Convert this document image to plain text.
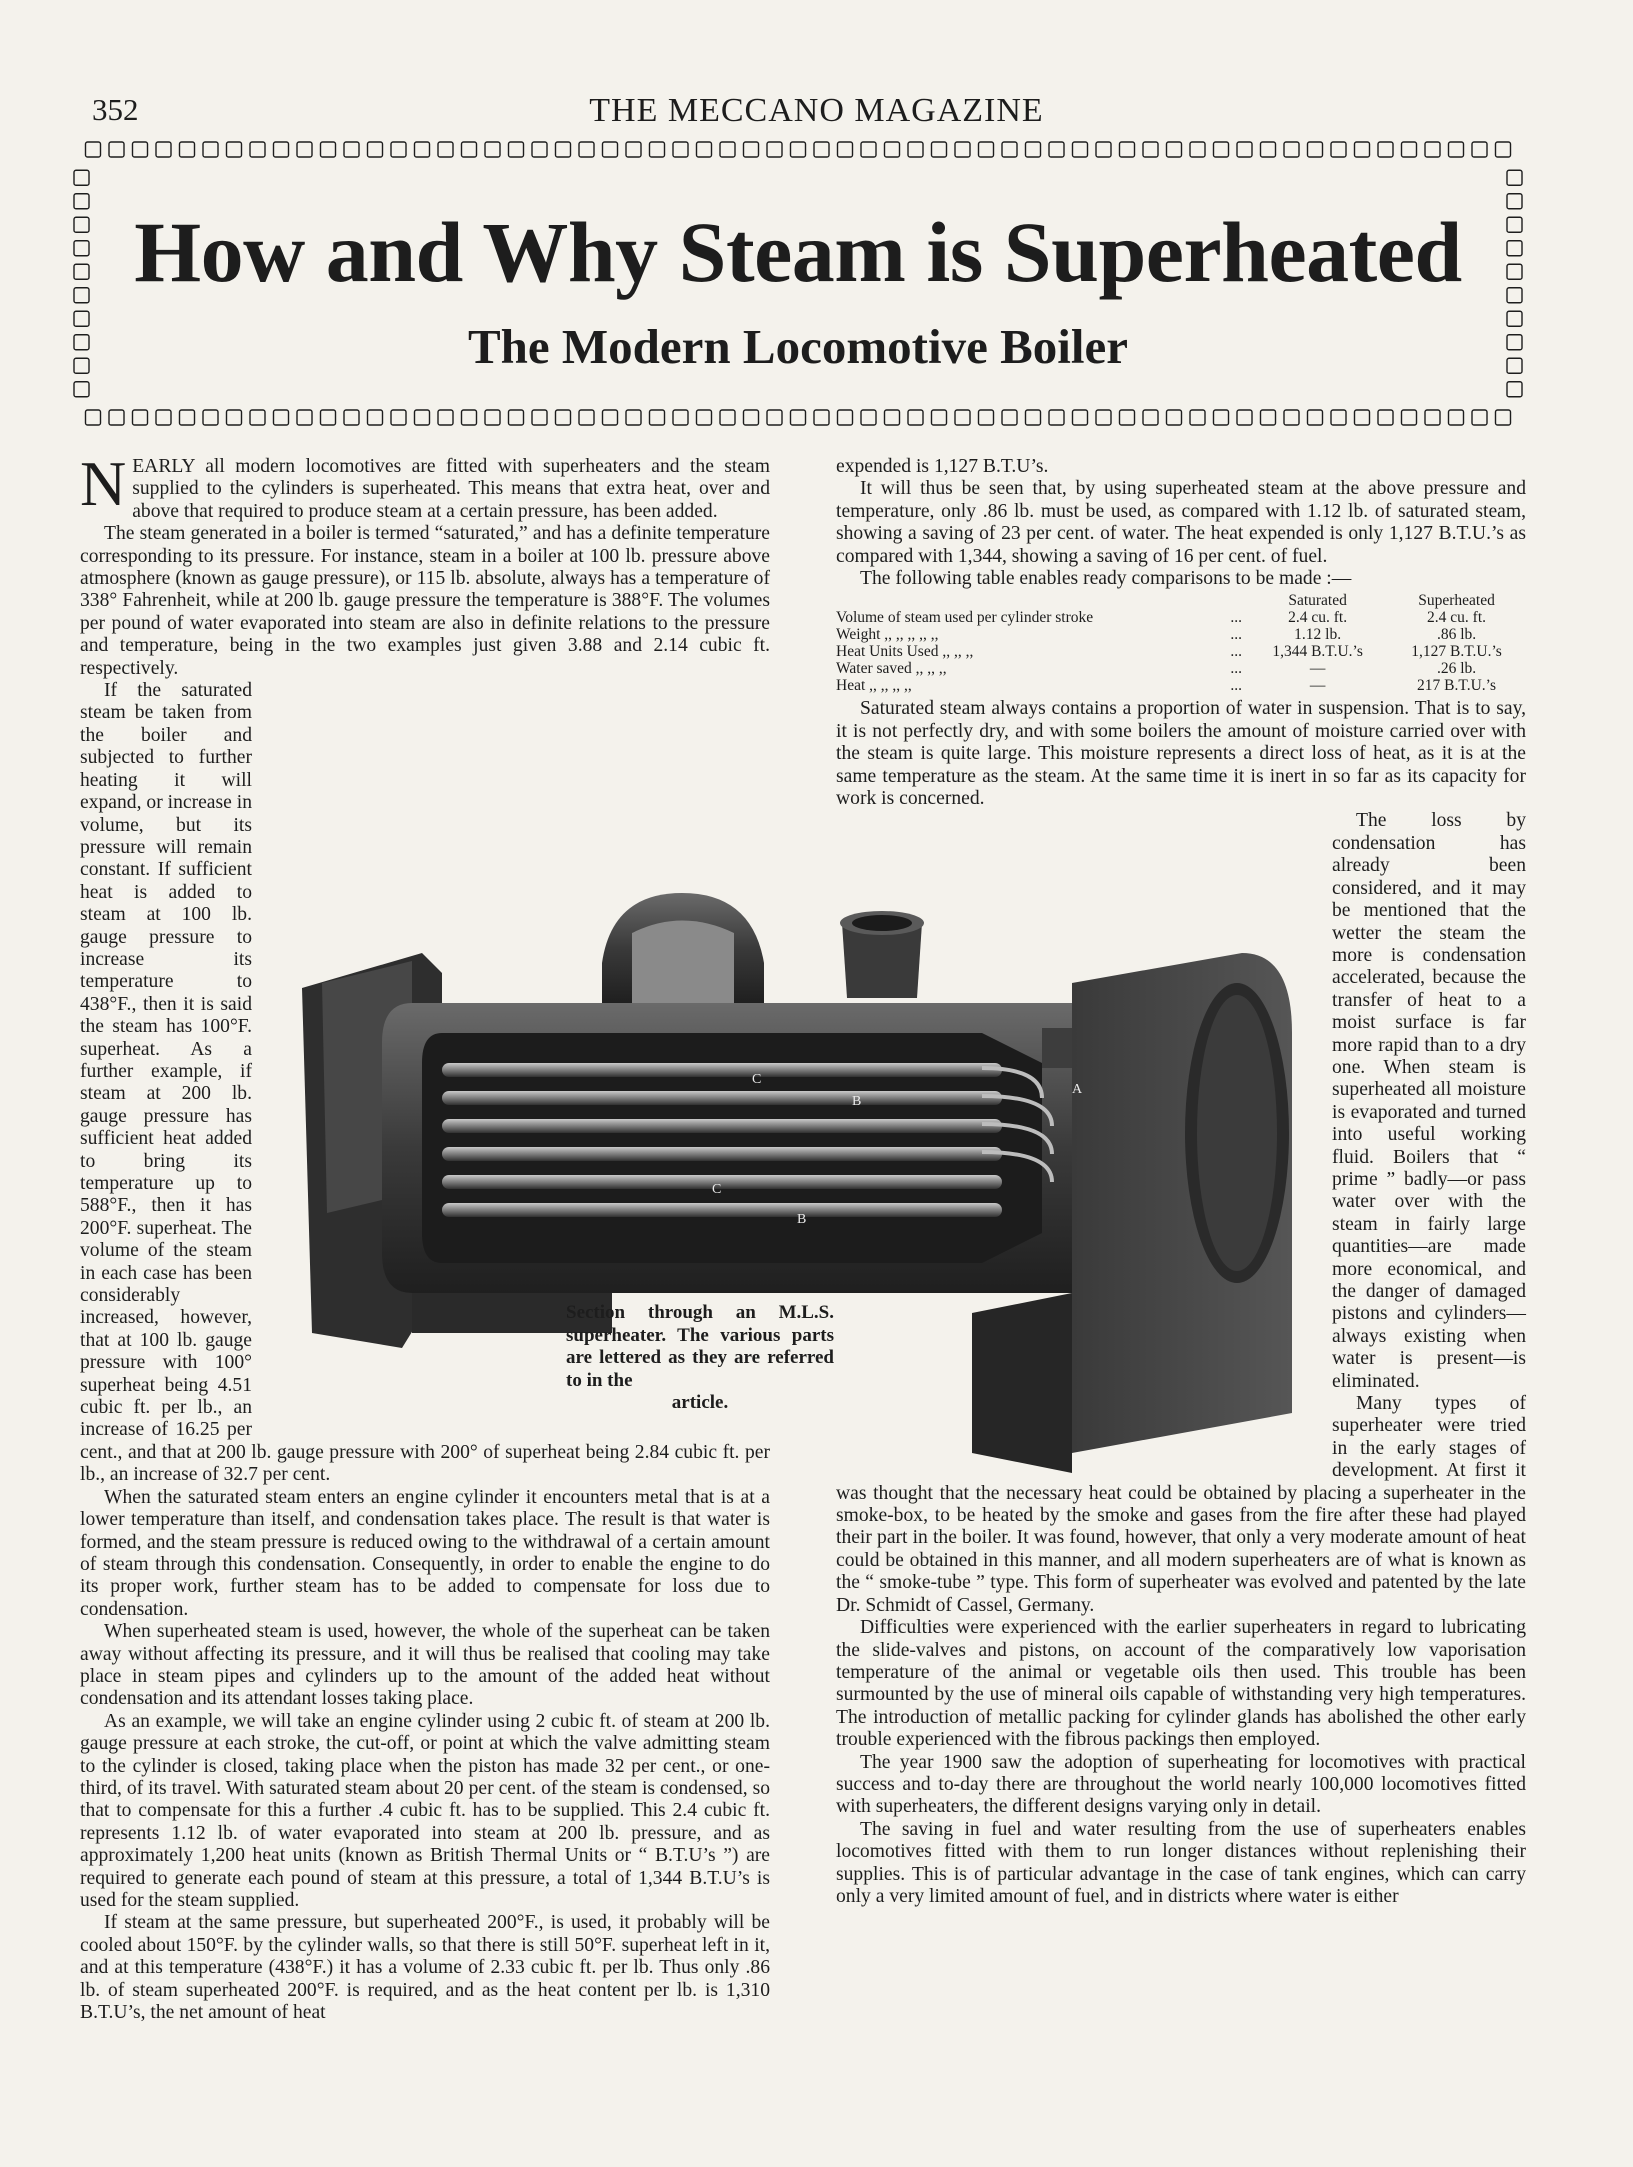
352	THE MECCANO MAGAZINE
How and Why Steam is Superheated
The Modern Locomotive Boiler

NEARLY all modern locomotives are fitted with superheaters and the steam supplied to the cylinders is superheated. This means that extra heat, over and above that required to produce steam at a certain pressure, has been added.

The steam generated in a boiler is termed “saturated,” and has a definite temperature corresponding to its pressure. For instance, steam in a boiler at 100 lb. pressure above atmosphere (known as gauge pressure), or 115 lb. absolute, always has a temperature of 338° Fahrenheit, while at 200 lb. gauge pressure the temperature is 388°F. The volumes per pound of water evaporated into steam are also in definite relations to the pressure and temperature, being in the two examples just given 3.88 and 2.14 cubic ft. respectively.

If the saturated steam be taken from the boiler and subjected to further heating it will expand, or increase in volume, but its pressure will remain constant. If sufficient heat is added to steam at 100 lb. gauge pressure to increase its temperature to 438°F., then it is said the steam has 100°F. superheat. As a further example, if steam at 200 lb. gauge pressure has sufficient heat added to bring its temperature up to 588°F., then it has 200°F. superheat. The volume of the steam in each case has been considerably increased, however, that at 100 lb. gauge pressure with 100° superheat being 4.51 cubic ft. per lb., an increase of 16.25 per cent., and that at 200 lb. gauge pressure with 200° of superheat being 2.84 cubic ft. per lb., an increase of 32.7 per cent.

When the saturated steam enters an engine cylinder it encounters metal that is at a lower temperature than itself, and condensation takes place. The result is that water is formed, and the steam pressure is reduced owing to the withdrawal of a certain amount of steam through this condensation. Consequently, in order to enable the engine to do its proper work, further steam has to be added to compensate for loss due to condensation.

When superheated steam is used, however, the whole of the superheat can be taken away without affecting its pressure, and it will thus be realised that cooling may take place in steam pipes and cylinders up to the amount of the added heat without condensation and its attendant losses taking place.

As an example, we will take an engine cylinder using 2 cubic ft. of steam at 200 lb. gauge pressure at each stroke, the cut-off, or point at which the valve admitting steam to the cylinder is closed, taking place when the piston has made 32 per cent., or one-third, of its travel. With saturated steam about 20 per cent. of the steam is condensed, so that to compensate for this a further .4 cubic ft. has to be supplied. This 2.4 cubic ft. represents 1.12 lb. of water evaporated into steam at 200 lb. pressure, and as approximately 1,200 heat units (known as British Thermal Units or “ B.T.U’s ”) are required to generate each pound of steam at this pressure, a total of 1,344 B.T.U’s is used for the steam supplied.

If steam at the same pressure, but superheated 200°F., is used, it probably will be cooled about 150°F. by the cylinder walls, so that there is still 50°F. superheat left in it, and at this temperature (438°F.) it has a volume of 2.33 cubic ft. per lb. Thus only .86 lb. of steam superheated 200°F. is required, and as the heat content per lb. is 1,310 B.T.U’s, the net amount of heat

expended is 1,127 B.T.U’s.

It will thus be seen that, by using superheated steam at the above pressure and temperature, only .86 lb. must be used, as compared with 1.12 lb. of saturated steam, showing a saving of 23 per cent. of water. The heat expended is only 1,127 B.T.U.’s as compared with 1,344, showing a saving of 16 per cent. of fuel.

The following table enables ready comparisons to be made :—

		Saturated	Superheated
Volume of steam used per cylinder stroke	...	2.4 cu. ft.	2.4 cu. ft.
Weight ,, ,, ,, ,, ,,	...	1.12 lb.	.86 lb.
Heat Units Used ,, ,, ,,	...	1,344 B.T.U.’s	1,127 B.T.U.’s
Water saved ,, ,, ,,	...	—	.26 lb.
Heat ,, ,, ,, ,,	...	—	217 B.T.U.’s

Saturated steam always contains a proportion of water in suspension. That is to say, it is not perfectly dry, and with some boilers the amount of moisture carried over with the steam is quite large. This moisture represents a direct loss of heat, as it is at the same temperature as the steam. At the same time it is inert in so far as its capacity for work is concerned.

The loss by condensation has already been considered, and it may be mentioned that the wetter the steam the more is condensation accelerated, because the transfer of heat to a moist surface is far more rapid than to a dry one. When steam is superheated all moisture is evaporated and turned into useful working fluid. Boilers that “ prime ” badly—or pass water over with the steam in fairly large quantities—are made more economical, and the danger of damaged pistons and cylinders—always existing when water is present—is eliminated.

Many types of superheater were tried in the early stages of development. At first it was thought that the necessary heat could be obtained by placing a superheater in the smoke-box, to be heated by the smoke and gases from the fire after these had played their part in the boiler. It was found, however, that only a very moderate amount of heat could be obtained in this manner, and all modern superheaters are of what is known as the “ smoke-tube ” type. This form of superheater was evolved and patented by the late Dr. Schmidt of Cassel, Germany.

Difficulties were experienced with the earlier superheaters in regard to lubricating the slide-valves and pistons, on account of the comparatively low vaporisation temperature of the animal or vegetable oils then used. This trouble has been surmounted by the use of mineral oils capable of withstanding very high temperatures. The introduction of metallic packing for cylinder glands has abolished the other early trouble experienced with the fibrous packings then employed.

The year 1900 saw the adoption of superheating for locomotives with practical success and to-day there are throughout the world nearly 100,000 locomotives fitted with superheaters, the different designs varying only in detail.

The saving in fuel and water resulting from the use of superheaters enables locomotives fitted with them to run longer distances without replenishing their supplies. This is of particular advantage in the case of tank engines, which can carry only a very limited amount of fuel, and in districts where water is either

A
B
B
C
C
Section through an M.L.S. superheater. The various parts are lettered as they are referred to in the
article.
